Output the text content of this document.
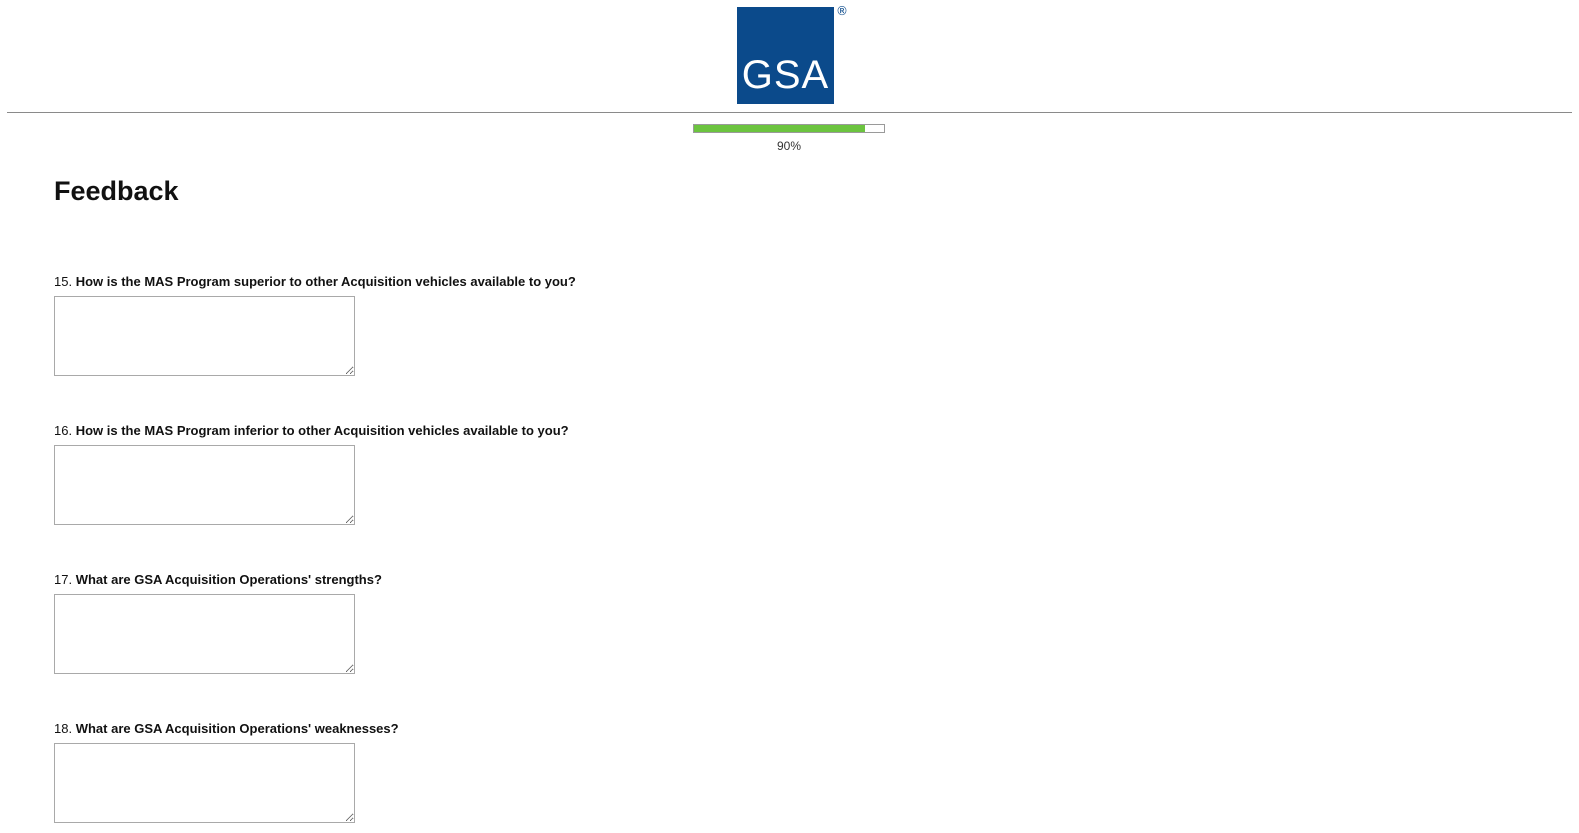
GSA
®
90%
Feedback
15. How is the MAS Program superior to other Acquisition vehicles available to you?
16. How is the MAS Program inferior to other Acquisition vehicles available to you?
17. What are GSA Acquisition Operations' strengths?
18. What are GSA Acquisition Operations' weaknesses?
